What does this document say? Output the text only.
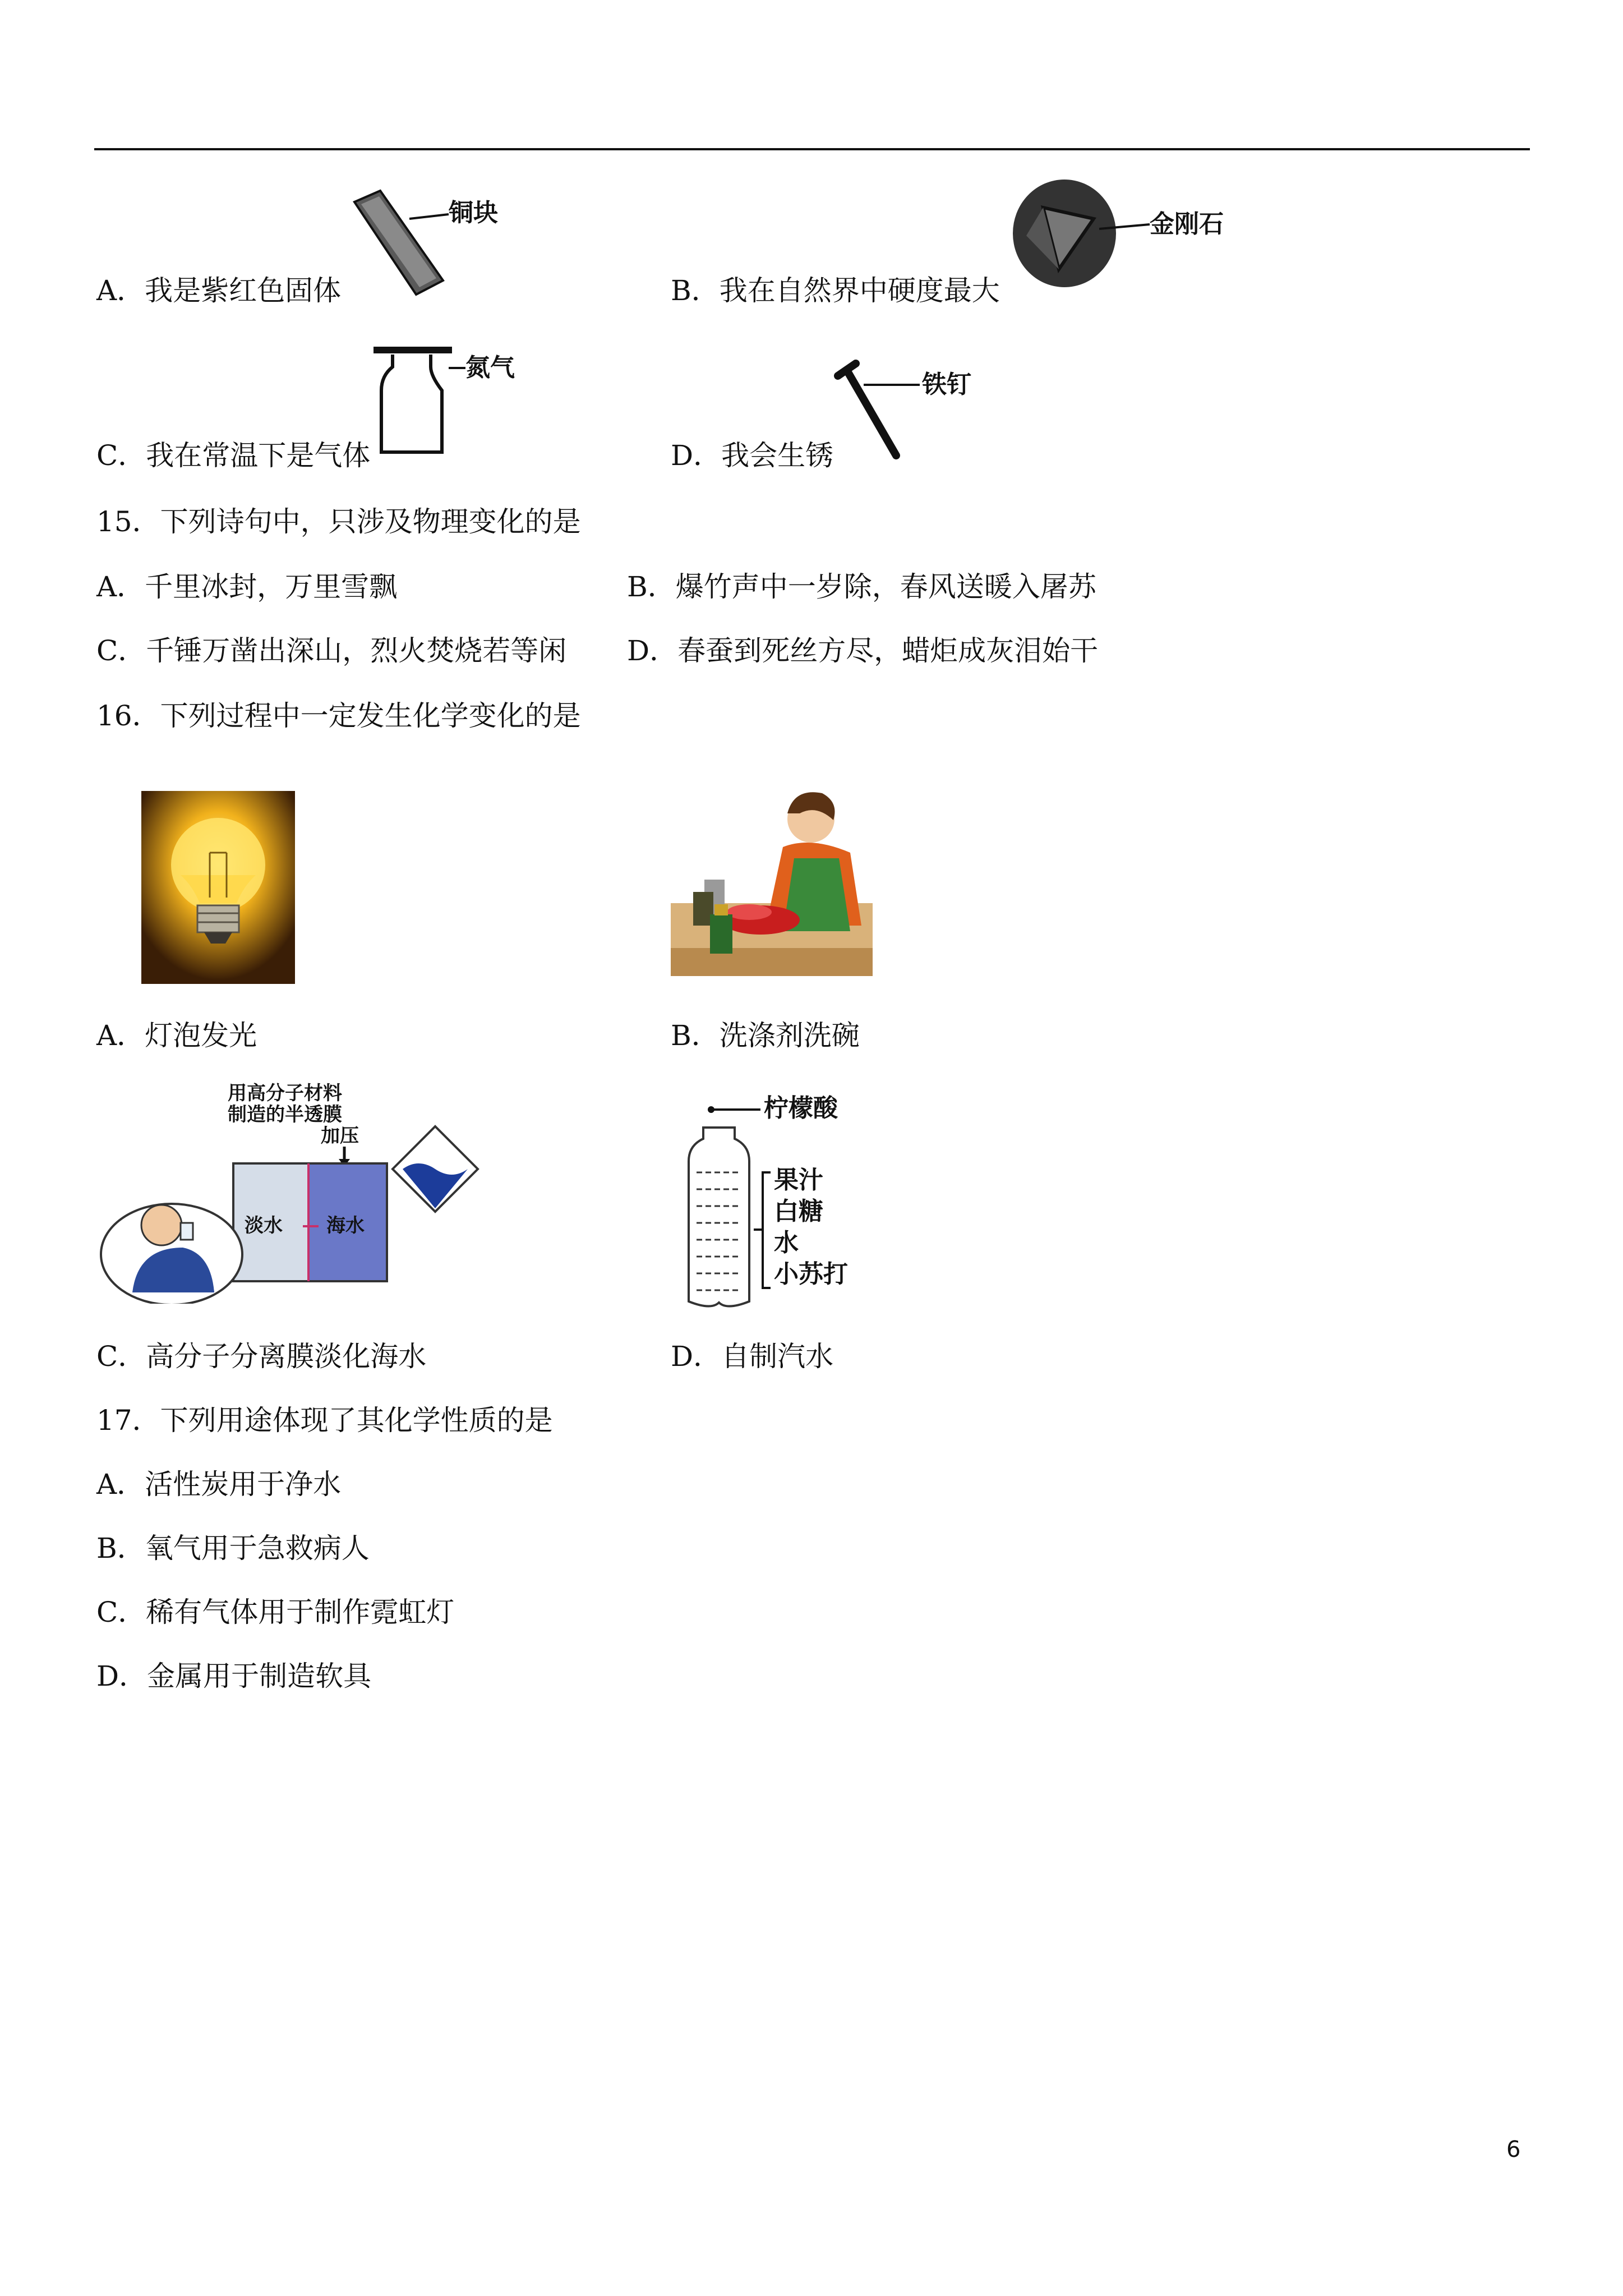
A．我是紫红色固体
铜块
B．我在自然界中硬度最大
金刚石
C．我在常温下是气体
氮气
D．我会生锈
铁钉
15．下列诗句中，只涉及物理变化的是
A．千里冰封，万里雪飘	B．爆竹声中一岁除，春风送暖入屠苏
C．千锤万凿出深山，烈火焚烧若等闲 D．春蚕到死丝方尽，蜡炬成灰泪始干
16．下列过程中一定发生化学变化的是
A．灯泡发光	B．洗涤剂洗碗
用高分子材料
制造的半透膜
加压
淡水 海水
C．高分子分离膜淡化海水
柠檬酸
果汁
白糖
水
小苏打
D．自制汽水
17．下列用途体现了其化学性质的是
A．活性炭用于净水
B．氧气用于急救病人
C．稀有气体用于制作霓虹灯
D．金属用于制造软具
6
